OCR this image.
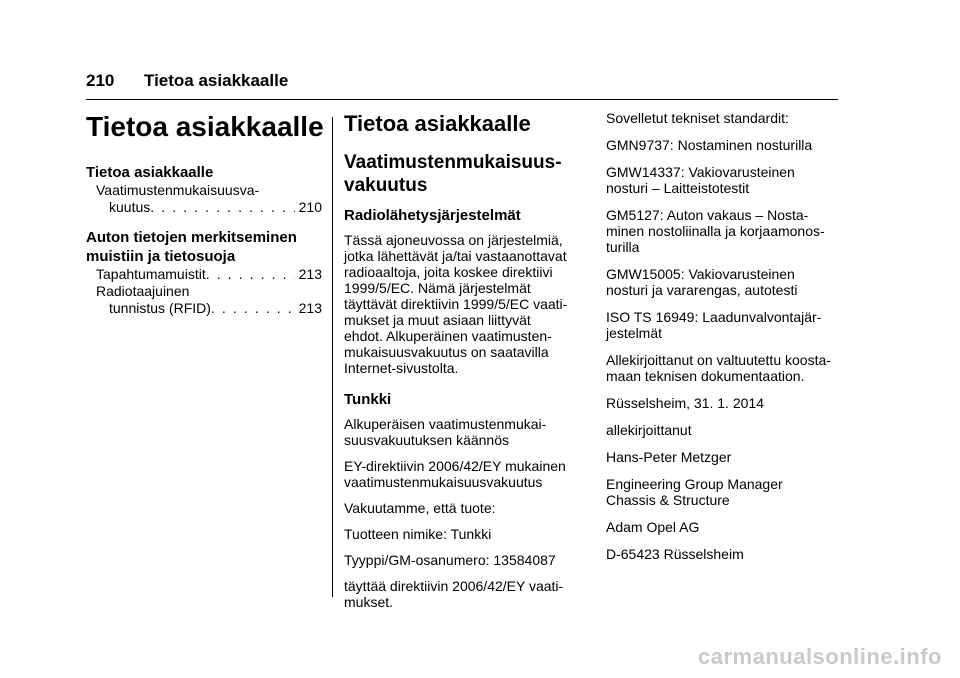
210 Tietoa asiakkaalle
Tietoa asiakkaalle
Tietoa asiakkaalle
Vaatimustenmukaisuusva-
kuutus . . .	210
Auton tietojen merkitseminen
muistiin ja tietosuoja
Tapahtumamuistit . . .	213
Radiotaajuinen
tunnistus (RFID) . . .	213
Tietoa asiakkaalle
Vaatimustenmukaisuus-
vakuutus
Radiolähetysjärjestelmät

Tässä ajoneuvossa on järjestelmiä,
jotka lähettävät ja/tai vastaanottavat
radioaaltoja, joita koskee direktiivi
1999/5/EC. Nämä järjestelmät
täyttävät direktiivin 1999/5/EC vaati-
mukset ja muut asiaan liittyvät
ehdot. Alkuperäinen vaatimusten-
mukaisuusvakuutus on saatavilla
Internet-sivustolta.

Tunkki

Alkuperäisen vaatimustenmukai-
suusvakuutuksen käännös

EY-direktiivin 2006/42/EY mukainen
vaatimustenmukaisuusvakuutus

Vakuutamme, että tuote:

Tuotteen nimike: Tunkki

Tyyppi/GM-osanumero: 13584087

täyttää direktiivin 2006/42/EY vaati-
mukset.

Sovelletut tekniset standardit:

GMN9737: Nostaminen nosturilla

GMW14337: Vakiovarusteinen
nosturi – Laitteistotestit

GM5127: Auton vakaus – Nosta-
minen nostoliinalla ja korjaamonos-
turilla

GMW15005: Vakiovarusteinen
nosturi ja vararengas, autotesti

ISO TS 16949: Laadunvalvontajär-
jestelmät

Allekirjoittanut on valtuutettu koosta-
maan teknisen dokumentaation.

Rüsselsheim, 31. 1. 2014

allekirjoittanut

Hans-Peter Metzger

Engineering Group Manager
Chassis & Structure

Adam Opel AG

D-65423 Rüsselsheim

carmanualsonline.info
